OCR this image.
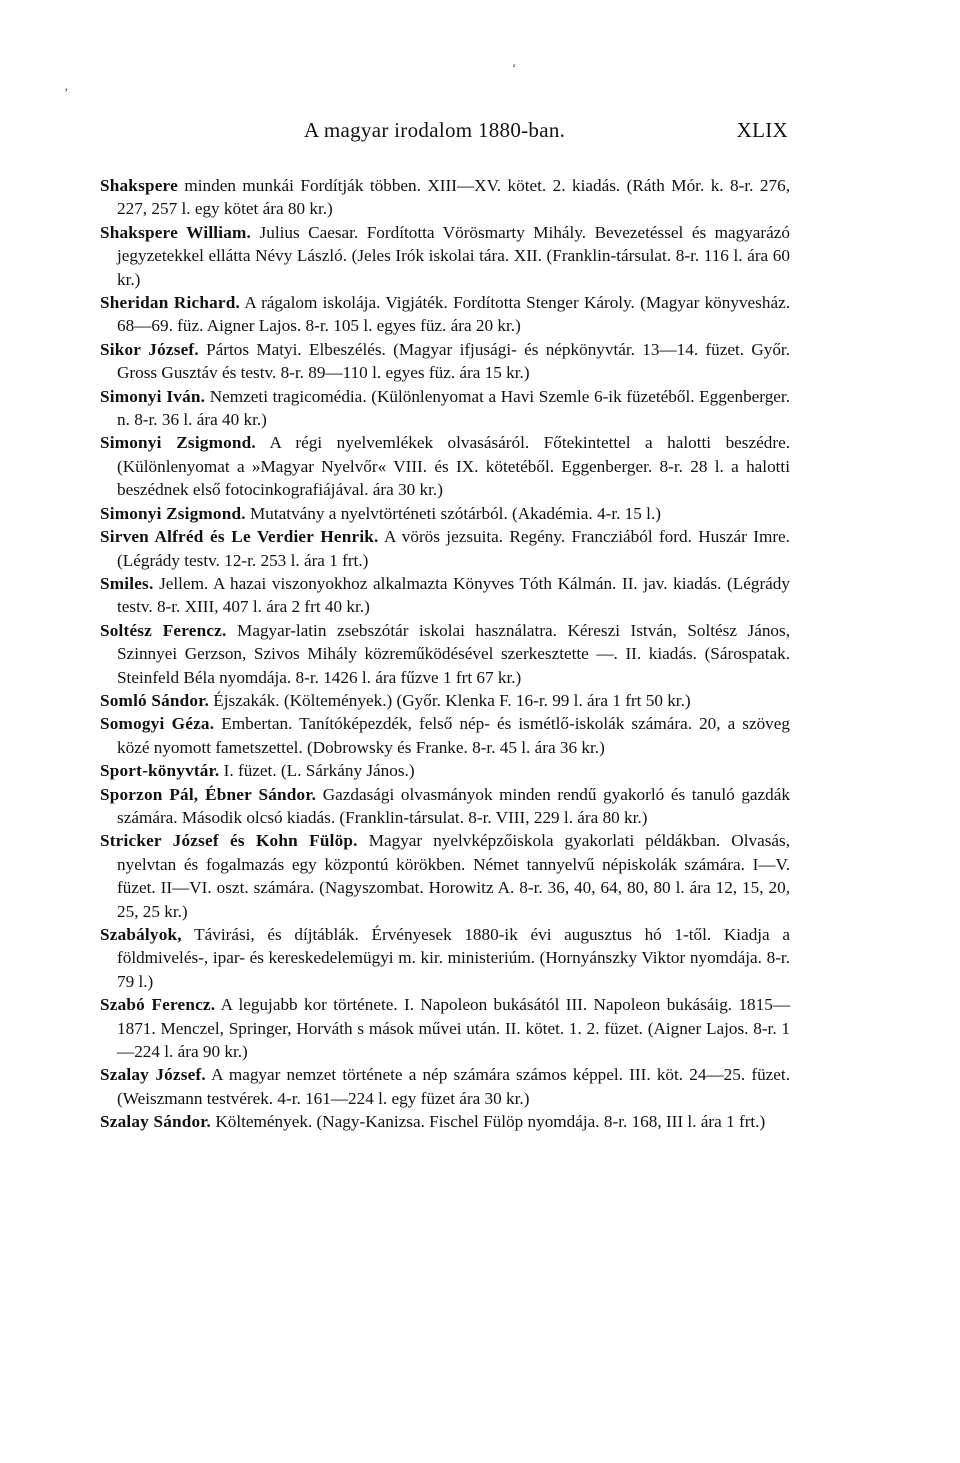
’
‘
A magyar irodalom 1880-ban.	XLIX

Shakspere minden munkái Fordítják többen. XIII—XV. kötet. 2. kiadás. (Ráth Mór. k. 8-r. 276, 227, 257 l. egy kötet ára 80 kr.)

Shakspere William. Julius Caesar. Fordította Vörösmarty Mihály. Bevezetéssel és magyarázó jegyzetekkel ellátta Névy László. (Jeles Irók iskolai tára. XII. (Franklin-társulat. 8-r. 116 l. ára 60 kr.)

Sheridan Richard. A rágalom iskolája. Vigjáték. Fordította Stenger Károly. (Magyar könyvesház. 68—69. füz. Aigner Lajos. 8-r. 105 l. egyes füz. ára 20 kr.)

Sikor József. Pártos Matyi. Elbeszélés. (Magyar ifjusági- és népkönyvtár. 13—14. füzet. Győr. Gross Gusztáv és testv. 8-r. 89—110 l. egyes füz. ára 15 kr.)

Simonyi Iván. Nemzeti tragicomédia. (Különlenyomat a Havi Szemle 6-ik füzetéből. Eggenberger. n. 8-r. 36 l. ára 40 kr.)

Simonyi Zsigmond. A régi nyelvemlékek olvasásáról. Főtekintettel a halotti beszédre. (Különlenyomat a »Magyar Nyelvőr« VIII. és IX. kötetéből. Eggenberger. 8-r. 28 l. a halotti beszédnek első fotocinkografiájával. ára 30 kr.)

Simonyi Zsigmond. Mutatvány a nyelvtörténeti szótárból. (Akadémia. 4-r. 15 l.)

Sirven Alfréd és Le Verdier Henrik. A vörös jezsuita. Regény. Francziából ford. Huszár Imre. (Légrády testv. 12-r. 253 l. ára 1 frt.)

Smiles. Jellem. A hazai viszonyokhoz alkalmazta Könyves Tóth Kálmán. II. jav. kiadás. (Légrády testv. 8-r. XIII, 407 l. ára 2 frt 40 kr.)

Soltész Ferencz. Magyar-latin zsebszótár iskolai használatra. Kéreszi István, Soltész János, Szinnyei Gerzson, Szivos Mihály közreműködésével szerkesztette —. II. kiadás. (Sárospatak. Steinfeld Béla nyomdája. 8-r. 1426 l. ára fűzve 1 frt 67 kr.)

Somló Sándor. Éjszakák. (Költemények.) (Győr. Klenka F. 16-r. 99 l. ára 1 frt 50 kr.)

Somogyi Géza. Embertan. Tanítóképezdék, felső nép- és ismétlő-iskolák számára. 20, a szöveg közé nyomott fametszettel. (Dobrowsky és Franke. 8-r. 45 l. ára 36 kr.)

Sport-könyvtár. I. füzet. (L. Sárkány János.)

Sporzon Pál, Ébner Sándor. Gazdasági olvasmányok minden rendű gyakorló és tanuló gazdák számára. Második olcsó kiadás. (Franklin-társulat. 8-r. VIII, 229 l. ára 80 kr.)

Stricker József és Kohn Fülöp. Magyar nyelvképzőiskola gyakorlati példákban. Olvasás, nyelvtan és fogalmazás egy központú körökben. Német tannyelvű népiskolák számára. I—V. füzet. II—VI. oszt. számára. (Nagyszombat. Horowitz A. 8-r. 36, 40, 64, 80, 80 l. ára 12, 15, 20, 25, 25 kr.)

Szabályok, Távirási, és díjtáblák. Érvényesek 1880-ik évi augusztus hó 1-től. Kiadja a földmivelés-, ipar- és kereskedelemügyi m. kir. ministeriúm. (Hornyánszky Viktor nyomdája. 8-r. 79 l.)

Szabó Ferencz. A legujabb kor története. I. Napoleon bukásától III. Napoleon bukásáig. 1815—1871. Menczel, Springer, Horváth s mások művei után. II. kötet. 1. 2. füzet. (Aigner Lajos. 8-r. 1—224 l. ára 90 kr.)

Szalay József. A magyar nemzet története a nép számára számos képpel. III. köt. 24—25. füzet. (Weiszmann testvérek. 4-r. 161—224 l. egy füzet ára 30 kr.)

Szalay Sándor. Költemények. (Nagy-Kanizsa. Fischel Fülöp nyomdája. 8-r. 168, III l. ára 1 frt.)
